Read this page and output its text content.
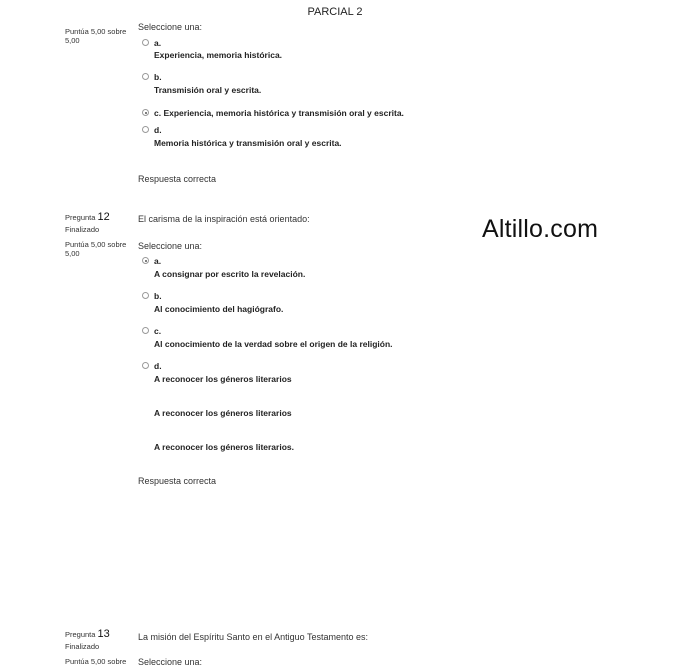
PARCIAL 2
Altillo.com
Puntúa 5,00 sobre 5,00
Seleccione una:
a.
Experiencia, memoria histórica.
b.
Transmisión oral y escrita.
c. Experiencia, memoria histórica y transmisión oral y escrita.
d.
Memoria histórica y transmisión oral y escrita.
Respuesta correcta
Pregunta 12
Finalizado
Puntúa 5,00 sobre 5,00
El carisma de la inspiración está orientado:
Seleccione una:
a.
A consignar por escrito la revelación.
b.
Al conocimiento del hagiógrafo.
c.
Al conocimiento de la verdad sobre el origen de la religión.
d.
A reconocer los géneros literarios
A reconocer los géneros literarios
A reconocer los géneros literarios.
Respuesta correcta
Pregunta 13
Finalizado
Puntúa 5,00 sobre
La misión del Espíritu Santo en el Antiguo Testamento es:
Seleccione una:
